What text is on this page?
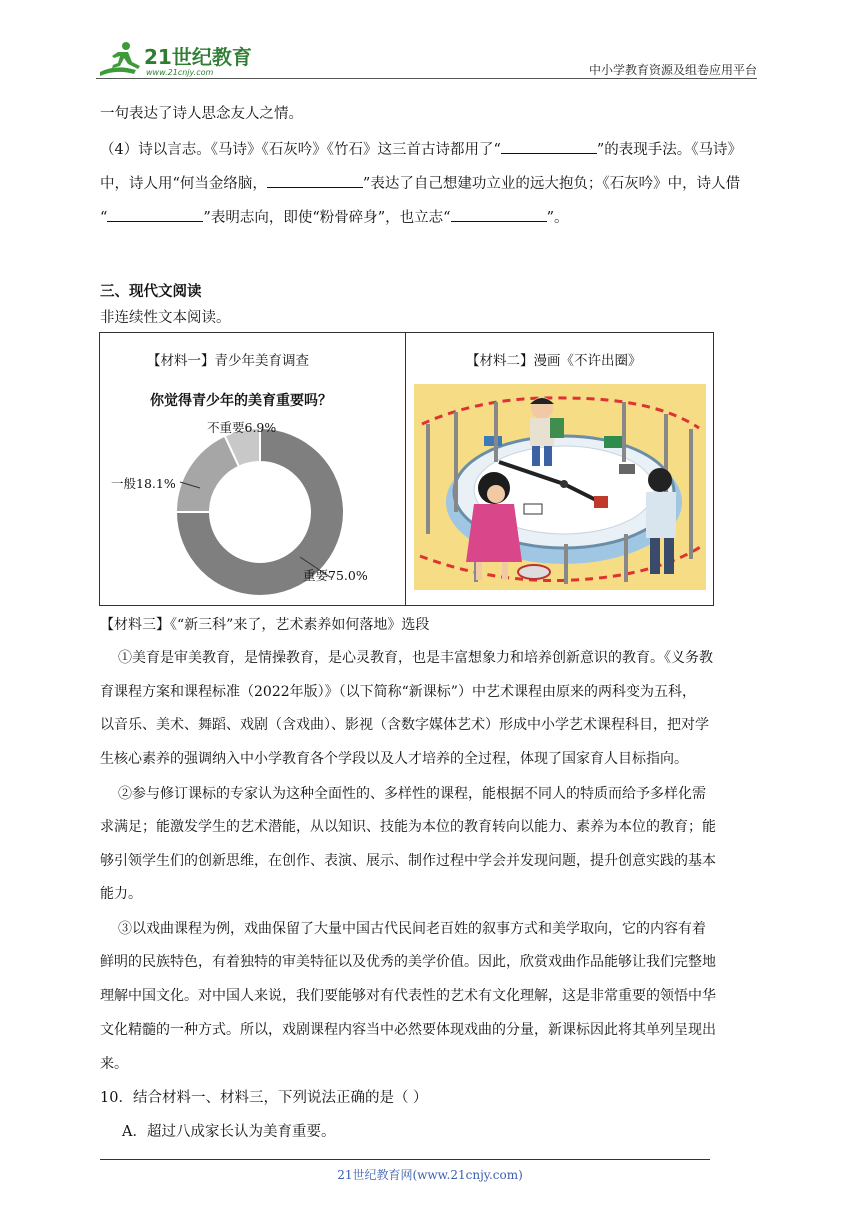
21世纪教育
www.21cnjy.com	中小学教育资源及组卷应用平台
一句表达了诗人思念友人之情。
（4）诗以言志。《马诗》《石灰吟》《竹石》这三首古诗都用了“	”的表现手法。《马诗》
中，诗人用“何当金络脑，	”表达了自己想建功立业的远大抱负；《石灰吟》中，诗人借
“	”表明志向，即使“粉骨碎身”，也立志“	”。
三、现代文阅读
非连续性文本阅读。
【材料一】青少年美育调查	【材料二】漫画《不许出圈》
你觉得青少年的美育重要吗？
不重要6.9%
一般18.1%
重要75.0%
【材料三】《“新三科”来了，艺术素养如何落地》选段
①美育是审美教育，是情操教育，是心灵教育，也是丰富想象力和培养创新意识的教育。《义务教
育课程方案和课程标准（2022年版）》（以下简称“新课标”）中艺术课程由原来的两科变为五科，
以音乐、美术、舞蹈、戏剧（含戏曲）、影视（含数字媒体艺术）形成中小学艺术课程科目，把对学
生核心素养的强调纳入中小学教育各个学段以及人才培养的全过程，体现了国家育人目标指向。
②参与修订课标的专家认为这种全面性的、多样性的课程，能根据不同人的特质而给予多样化需
求满足；能激发学生的艺术潜能，从以知识、技能为本位的教育转向以能力、素养为本位的教育；能
够引领学生们的创新思维，在创作、表演、展示、制作过程中学会并发现问题，提升创意实践的基本
能力。
③以戏曲课程为例，戏曲保留了大量中国古代民间老百姓的叙事方式和美学取向，它的内容有着
鲜明的民族特色，有着独特的审美特征以及优秀的美学价值。因此，欣赏戏曲作品能够让我们完整地
理解中国文化。对中国人来说，我们要能够对有代表性的艺术有文化理解，这是非常重要的领悟中华
文化精髓的一种方式。所以，戏剧课程内容当中必然要体现戏曲的分量，新课标因此将其单列呈现出
来。
10．结合材料一、材料三，下列说法正确的是（ ）
A．超过八成家长认为美育重要。
21世纪教育网(www.21cnjy.com)
